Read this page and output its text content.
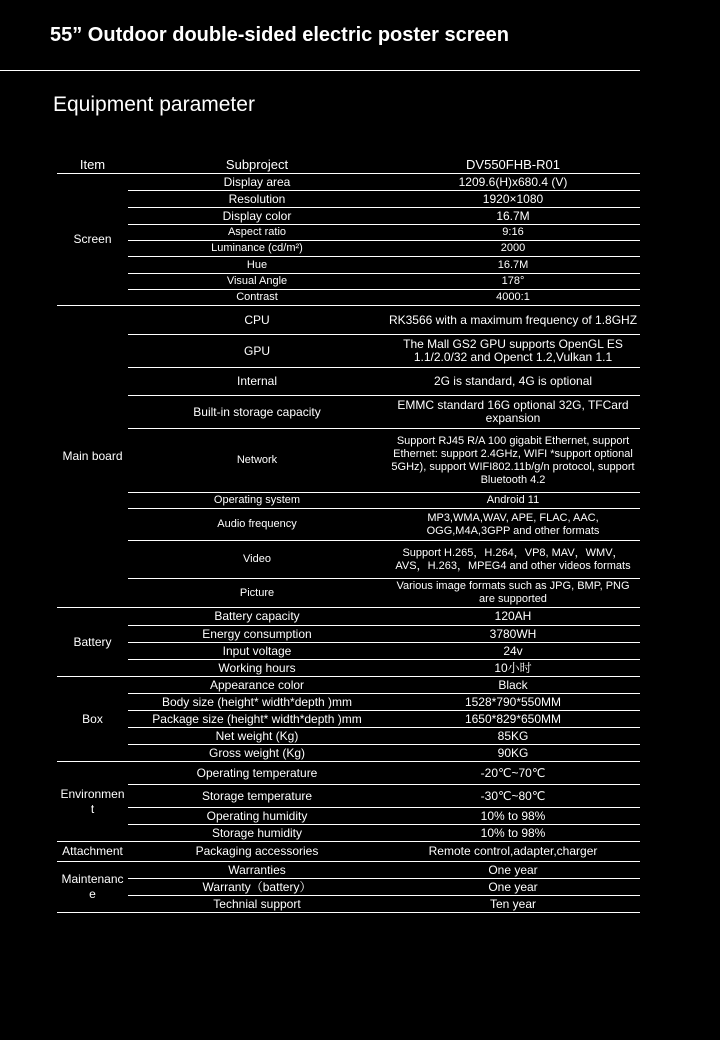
55” Outdoor double-sided electric poster screen
Equipment parameter
Item	Subproject	DV550FHB-R01
Screen	Display area	1209.6(H)x680.4 (V)
	Resolution	1920×1080
	Display color	16.7M
	Aspect ratio	9:16
	Luminance (cd/m²)	2000
	Hue	16.7M
	Visual Angle	178°
	Contrast	4000:1
Main board	CPU	RK3566 with a maximum frequency of 1.8GHZ
	GPU	The Mall GS2 GPU supports OpenGL ES 1.1/2.0/32 and Openct 1.2,Vulkan 1.1
	Internal	2G is standard, 4G is optional
	Built-in storage capacity	EMMC standard 16G optional 32G, TFCard expansion
	Network	Support RJ45 R/A 100 gigabit Ethernet, support Ethernet: support 2.4GHz, WIFI *support optional 5GHz), support WIFI802.11b/g/n protocol, support Bluetooth 4.2
	Operating system	Android 11
	Audio frequency	MP3,WMA,WAV, APE, FLAC, AAC, OGG,M4A,3GPP and other formats
	Video	Support H.265，H.264，VP8, MAV，WMV，AVS，H.263，MPEG4 and other videos formats
	Picture	Various image formats such as JPG, BMP, PNG are supported
Battery	Battery capacity	120AH
	Energy consumption	3780WH
	Input voltage	24v
	Working hours	10小时
Box	Appearance color	Black
	Body size (height* width*depth )mm	1528*790*550MM
	Package size (height* width*depth )mm	1650*829*650MM
	Net weight (Kg)	85KG
	Gross weight (Kg)	90KG
Environment	Operating temperature	-20℃~70℃
	Storage temperature	-30℃~80℃
	Operating humidity	10% to 98%
	Storage humidity	10% to 98%
Attachment	Packaging accessories	Remote control,adapter,charger
Maintenance	Warranties	One year
	Warranty（battery）	One year
	Technial support	Ten year
